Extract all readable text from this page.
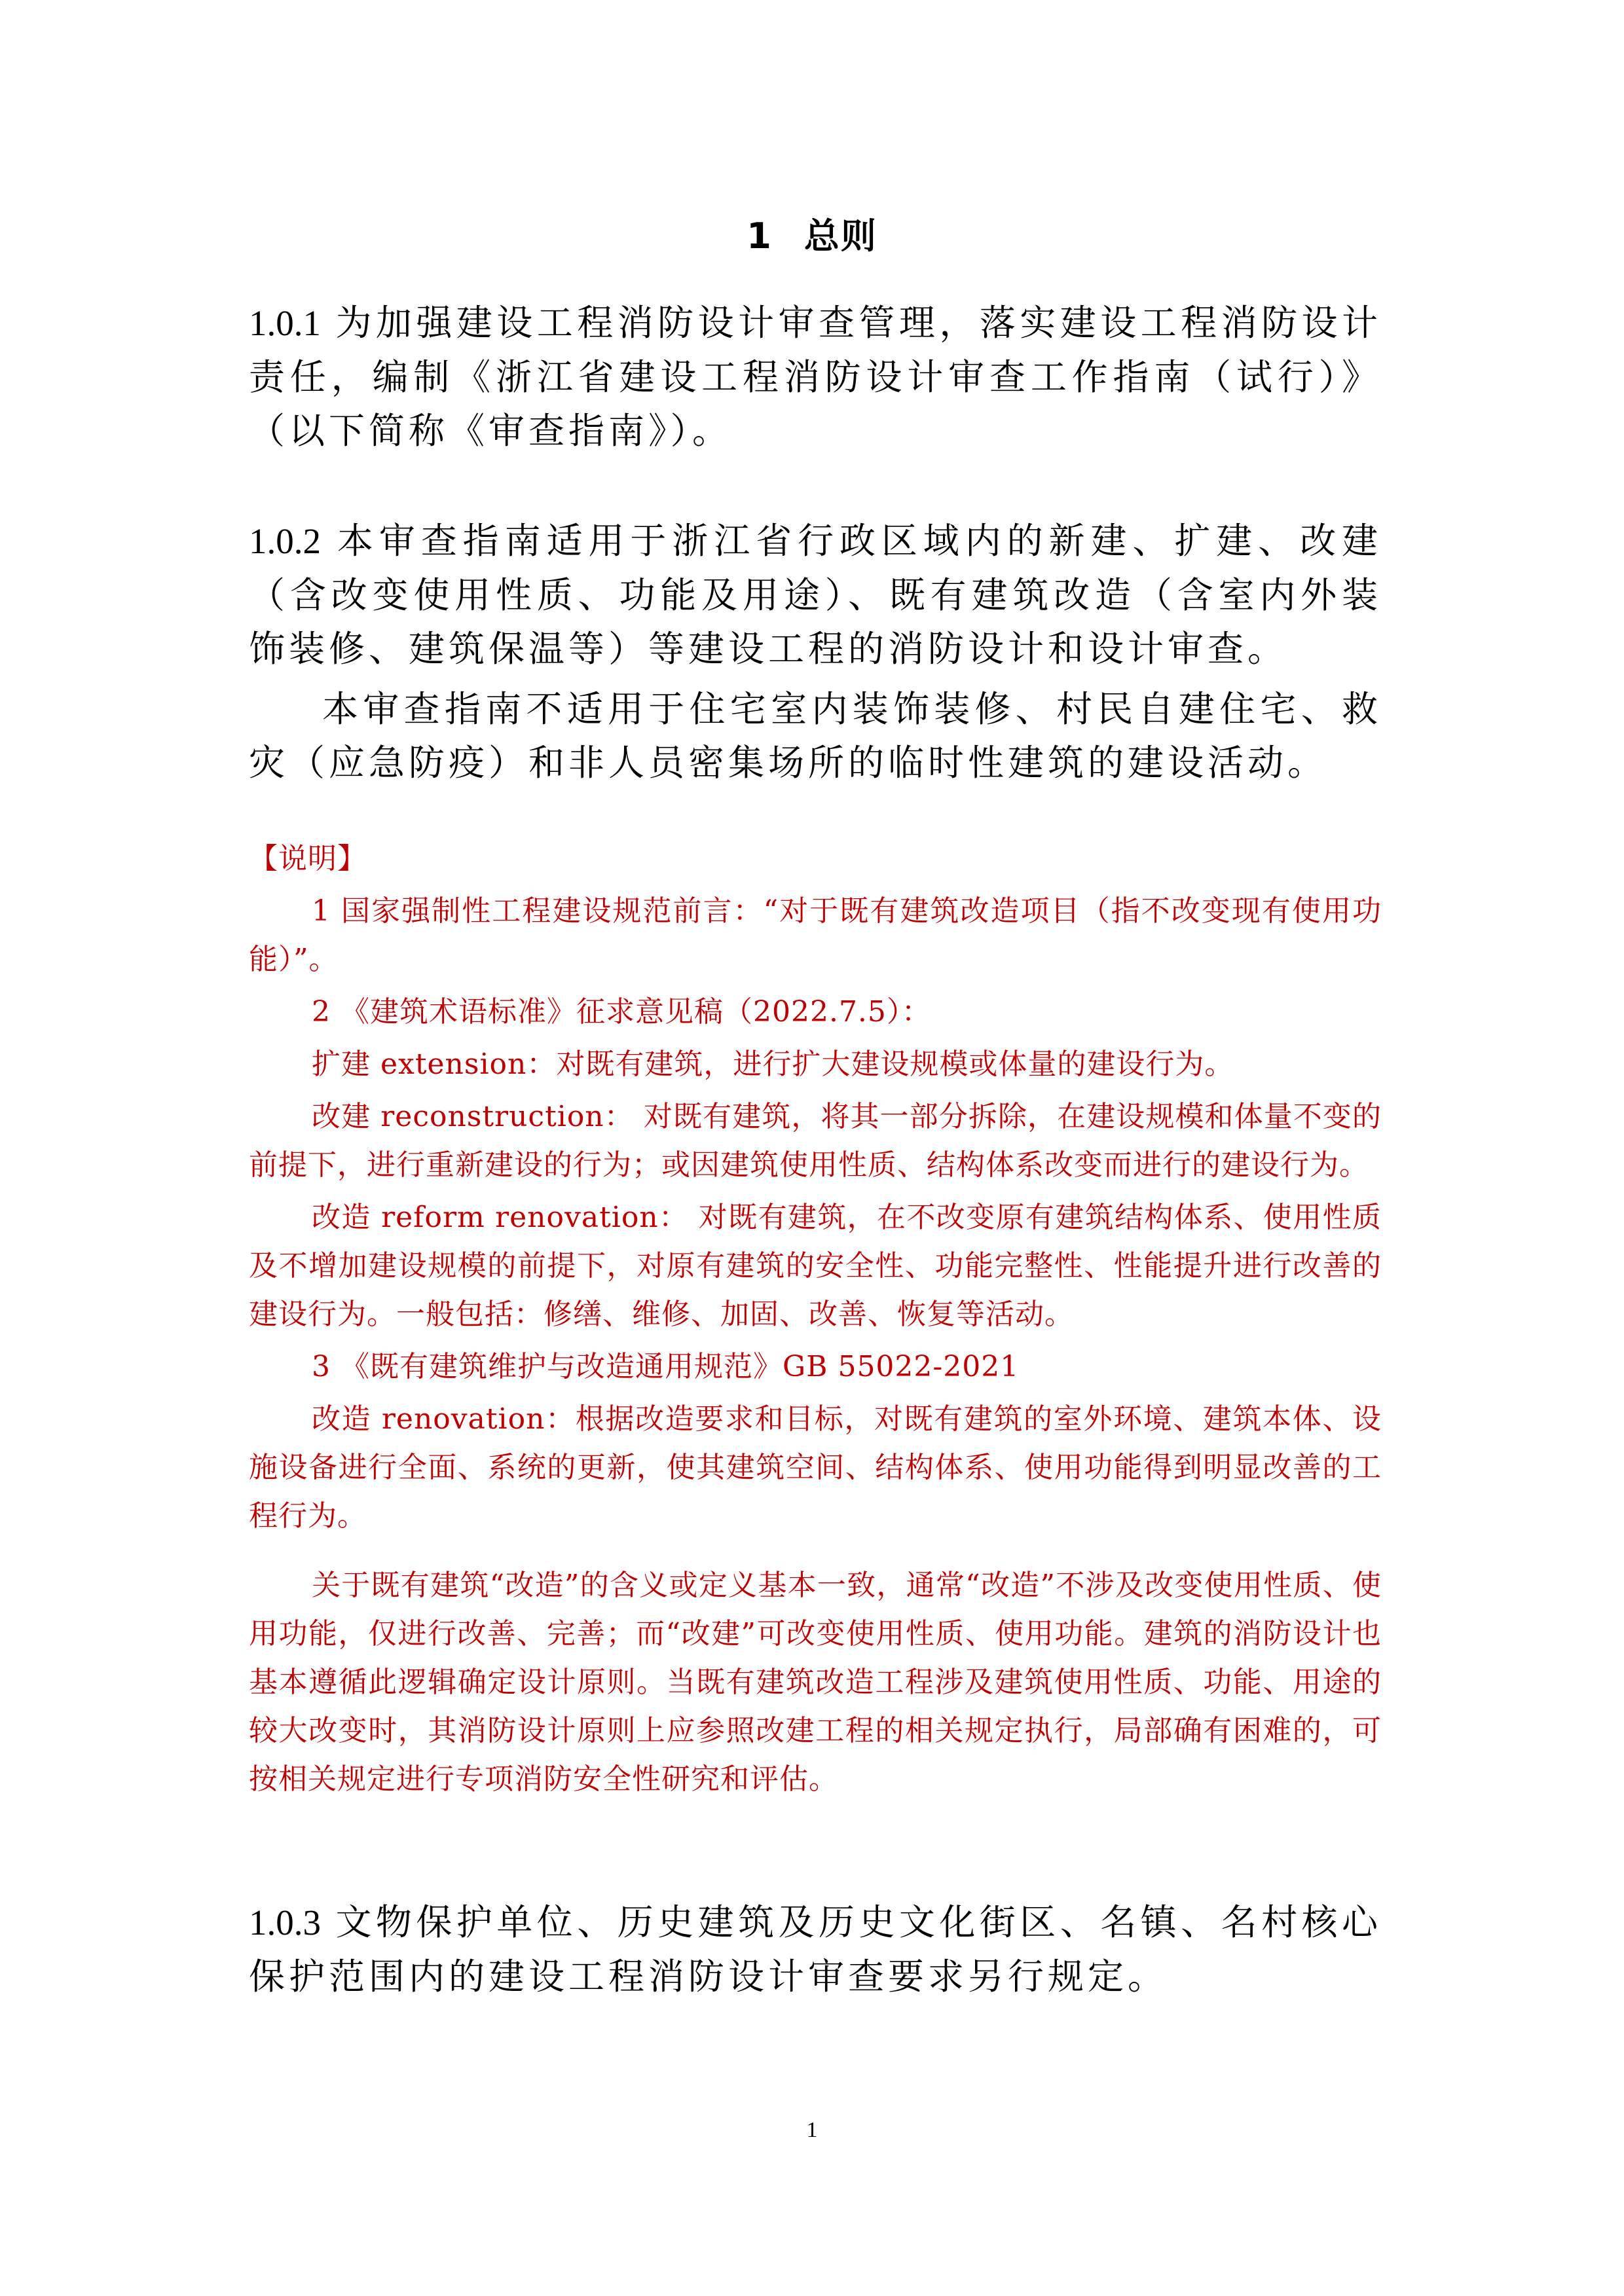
1 总则

1.0.1 为加强建设工程消防设计审查管理，落实建设工程消防设计责任，编制《浙江省建设工程消防设计审查工作指南（试行）》（以下简称《审查指南》）。

1.0.2 本审查指南适用于浙江省行政区域内的新建、扩建、改建（含改变使用性质、功能及用途）、既有建筑改造（含室内外装饰装修、建筑保温等）等建设工程的消防设计和设计审查。

本审查指南不适用于住宅室内装饰装修、村民自建住宅、救灾（应急防疫）和非人员密集场所的临时性建筑的建设活动。

【说明】

1 国家强制性工程建设规范前言：“对于既有建筑改造项目（指不改变现有使用功能）”。

2 《建筑术语标准》征求意见稿（2022.7.5）：

扩建 extension：对既有建筑，进行扩大建设规模或体量的建设行为。

改建 reconstruction： 对既有建筑，将其一部分拆除，在建设规模和体量不变的前提下，进行重新建设的行为；或因建筑使用性质、结构体系改变而进行的建设行为。

改造 reform renovation： 对既有建筑，在不改变原有建筑结构体系、使用性质及不增加建设规模的前提下，对原有建筑的安全性、功能完整性、性能提升进行改善的建设行为。一般包括：修缮、维修、加固、改善、恢复等活动。

3 《既有建筑维护与改造通用规范》GB 55022-2021

改造 renovation：根据改造要求和目标，对既有建筑的室外环境、建筑本体、设施设备进行全面、系统的更新，使其建筑空间、结构体系、使用功能得到明显改善的工程行为。

关于既有建筑“改造”的含义或定义基本一致，通常“改造”不涉及改变使用性质、使用功能，仅进行改善、完善；而“改建”可改变使用性质、使用功能。建筑的消防设计也基本遵循此逻辑确定设计原则。当既有建筑改造工程涉及建筑使用性质、功能、用途的较大改变时，其消防设计原则上应参照改建工程的相关规定执行，局部确有困难的，可按相关规定进行专项消防安全性研究和评估。

1.0.3 文物保护单位、历史建筑及历史文化街区、名镇、名村核心保护范围内的建设工程消防设计审查要求另行规定。

1
